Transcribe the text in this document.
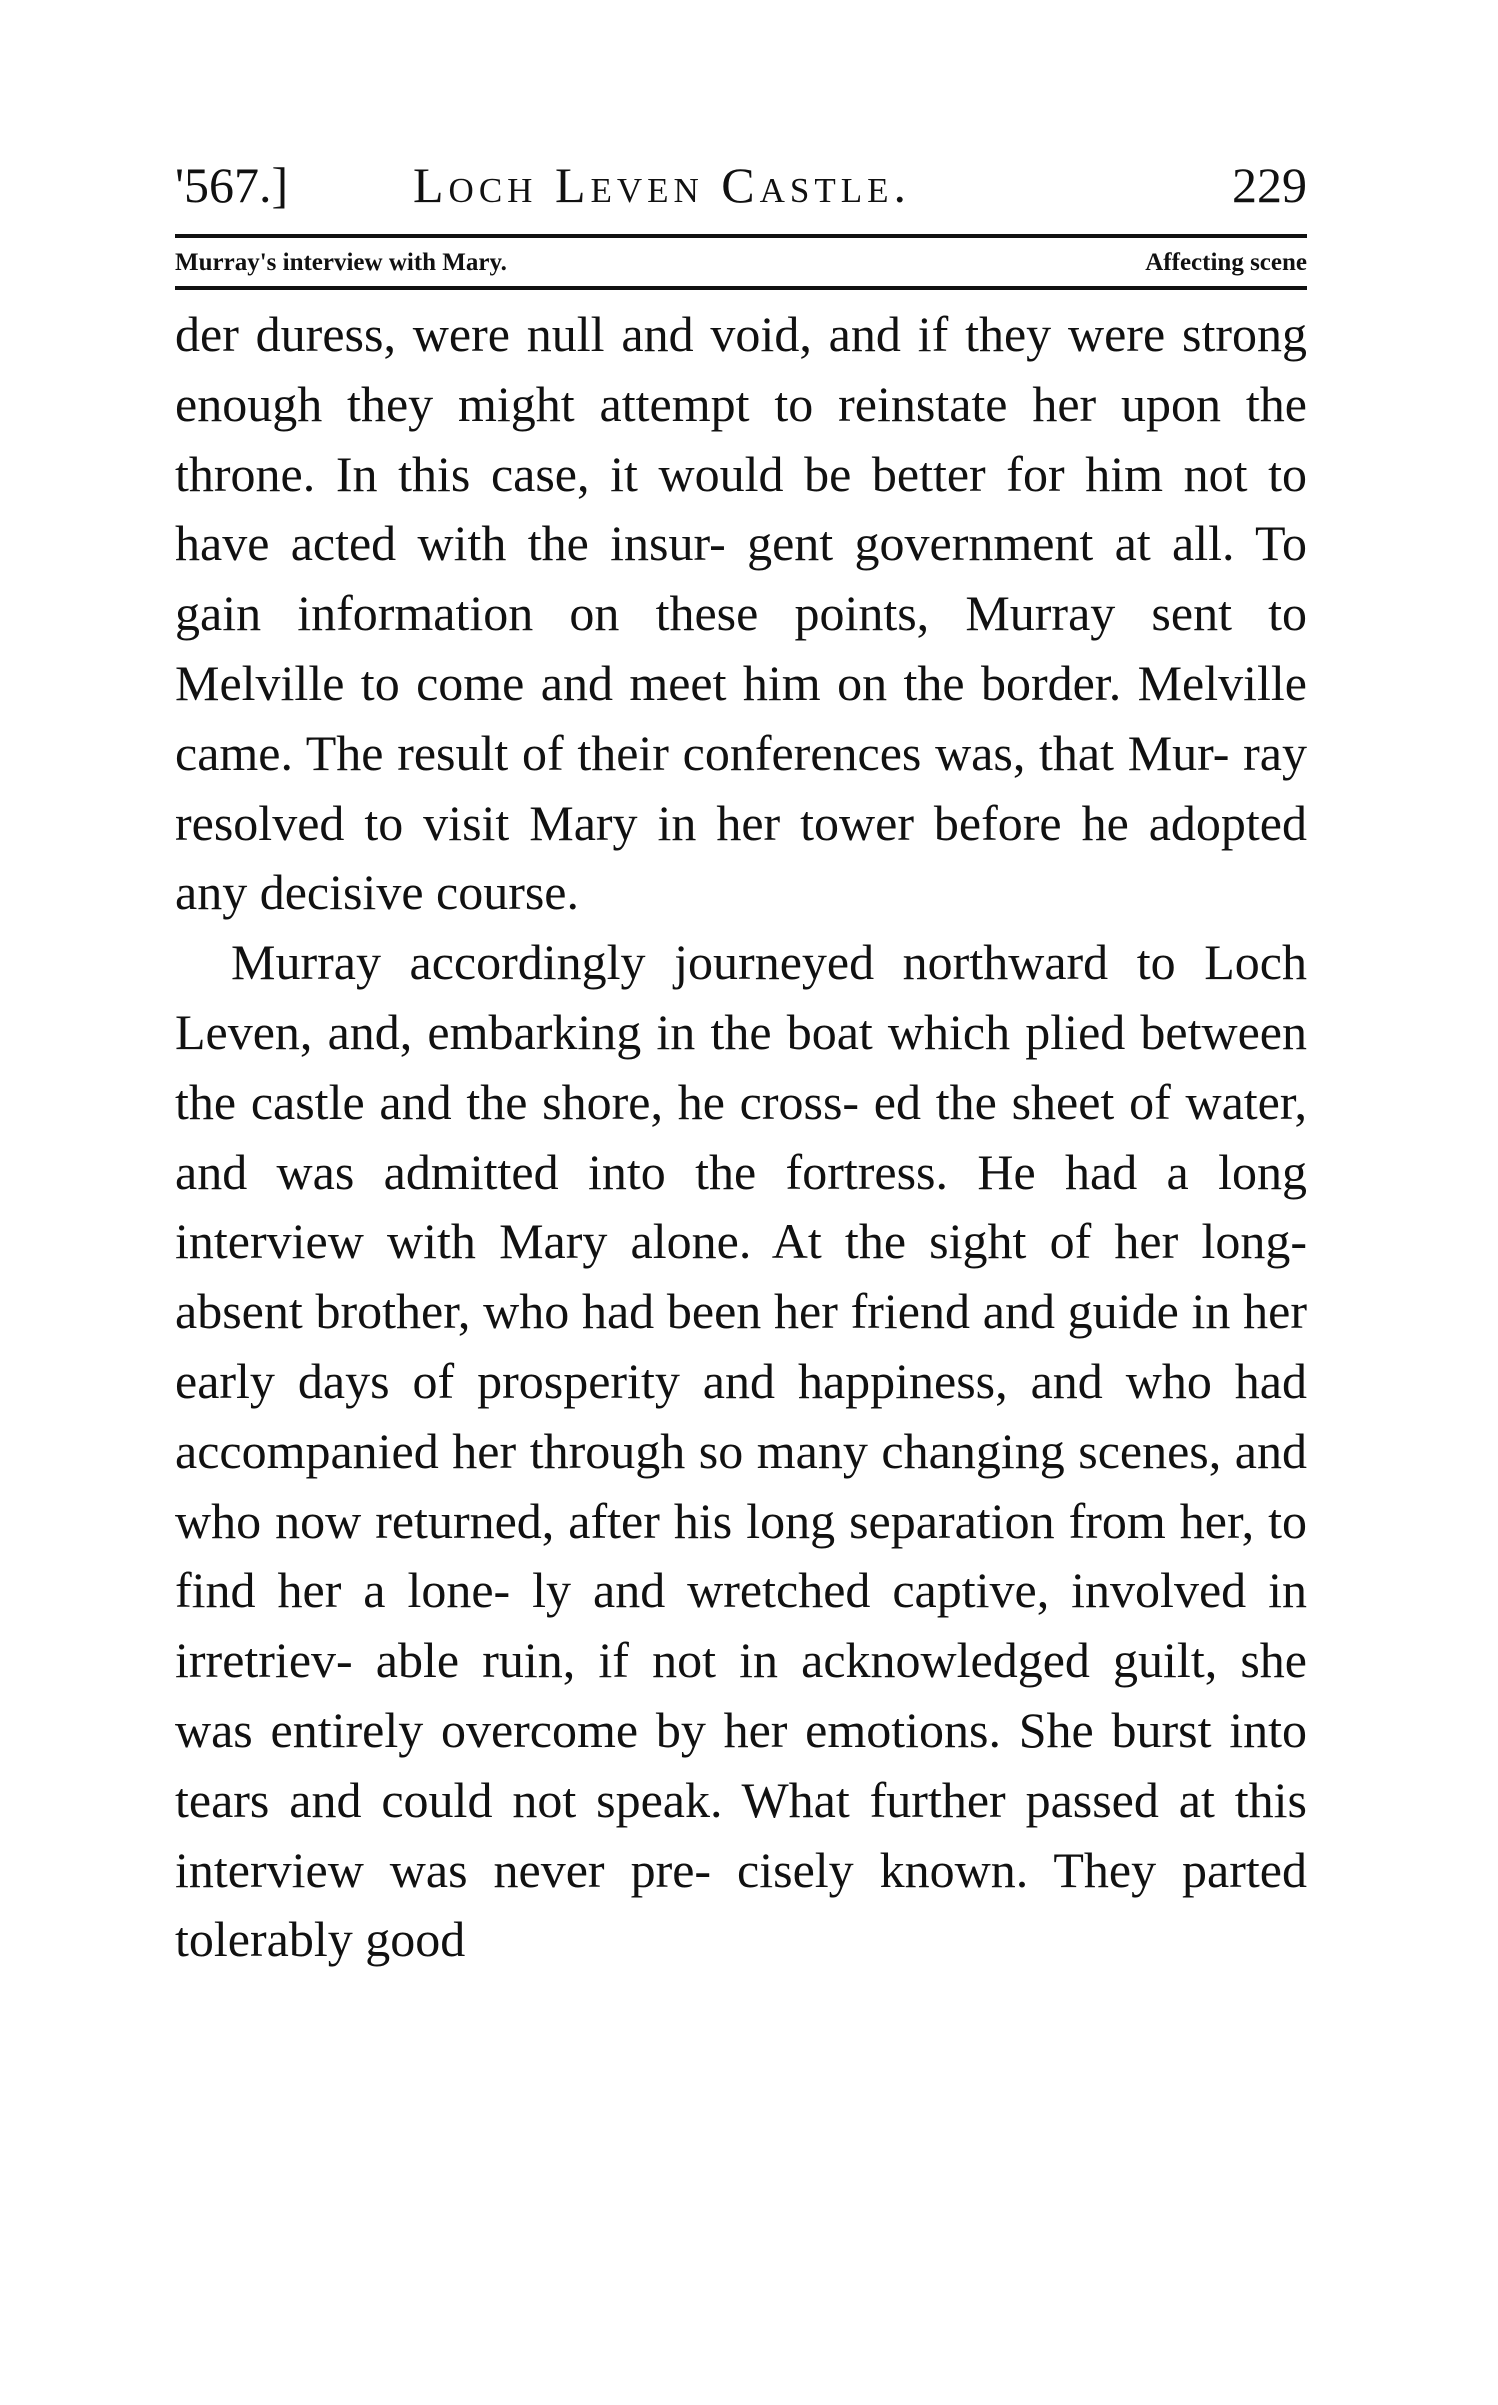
'567.] Loch Leven Castle.	229
Murray's interview with Mary.	Affecting scene

der duress, were null and void, and if they were strong enough they might attempt to reinstate her upon the throne. In this case, it would be better for him not to have acted with the insur- gent government at all. To gain information on these points, Murray sent to Melville to come and meet him on the border. Melville came. The result of their conferences was, that Mur- ray resolved to visit Mary in her tower before he adopted any decisive course.

Murray accordingly journeyed northward to Loch Leven, and, embarking in the boat which plied between the castle and the shore, he cross- ed the sheet of water, and was admitted into the fortress. He had a long interview with Mary alone. At the sight of her long-absent brother, who had been her friend and guide in her early days of prosperity and happiness, and who had accompanied her through so many changing scenes, and who now returned, after his long separation from her, to find her a lone- ly and wretched captive, involved in irretriev- able ruin, if not in acknowledged guilt, she was entirely overcome by her emotions. She burst into tears and could not speak. What further passed at this interview was never pre- cisely known. They parted tolerably good
